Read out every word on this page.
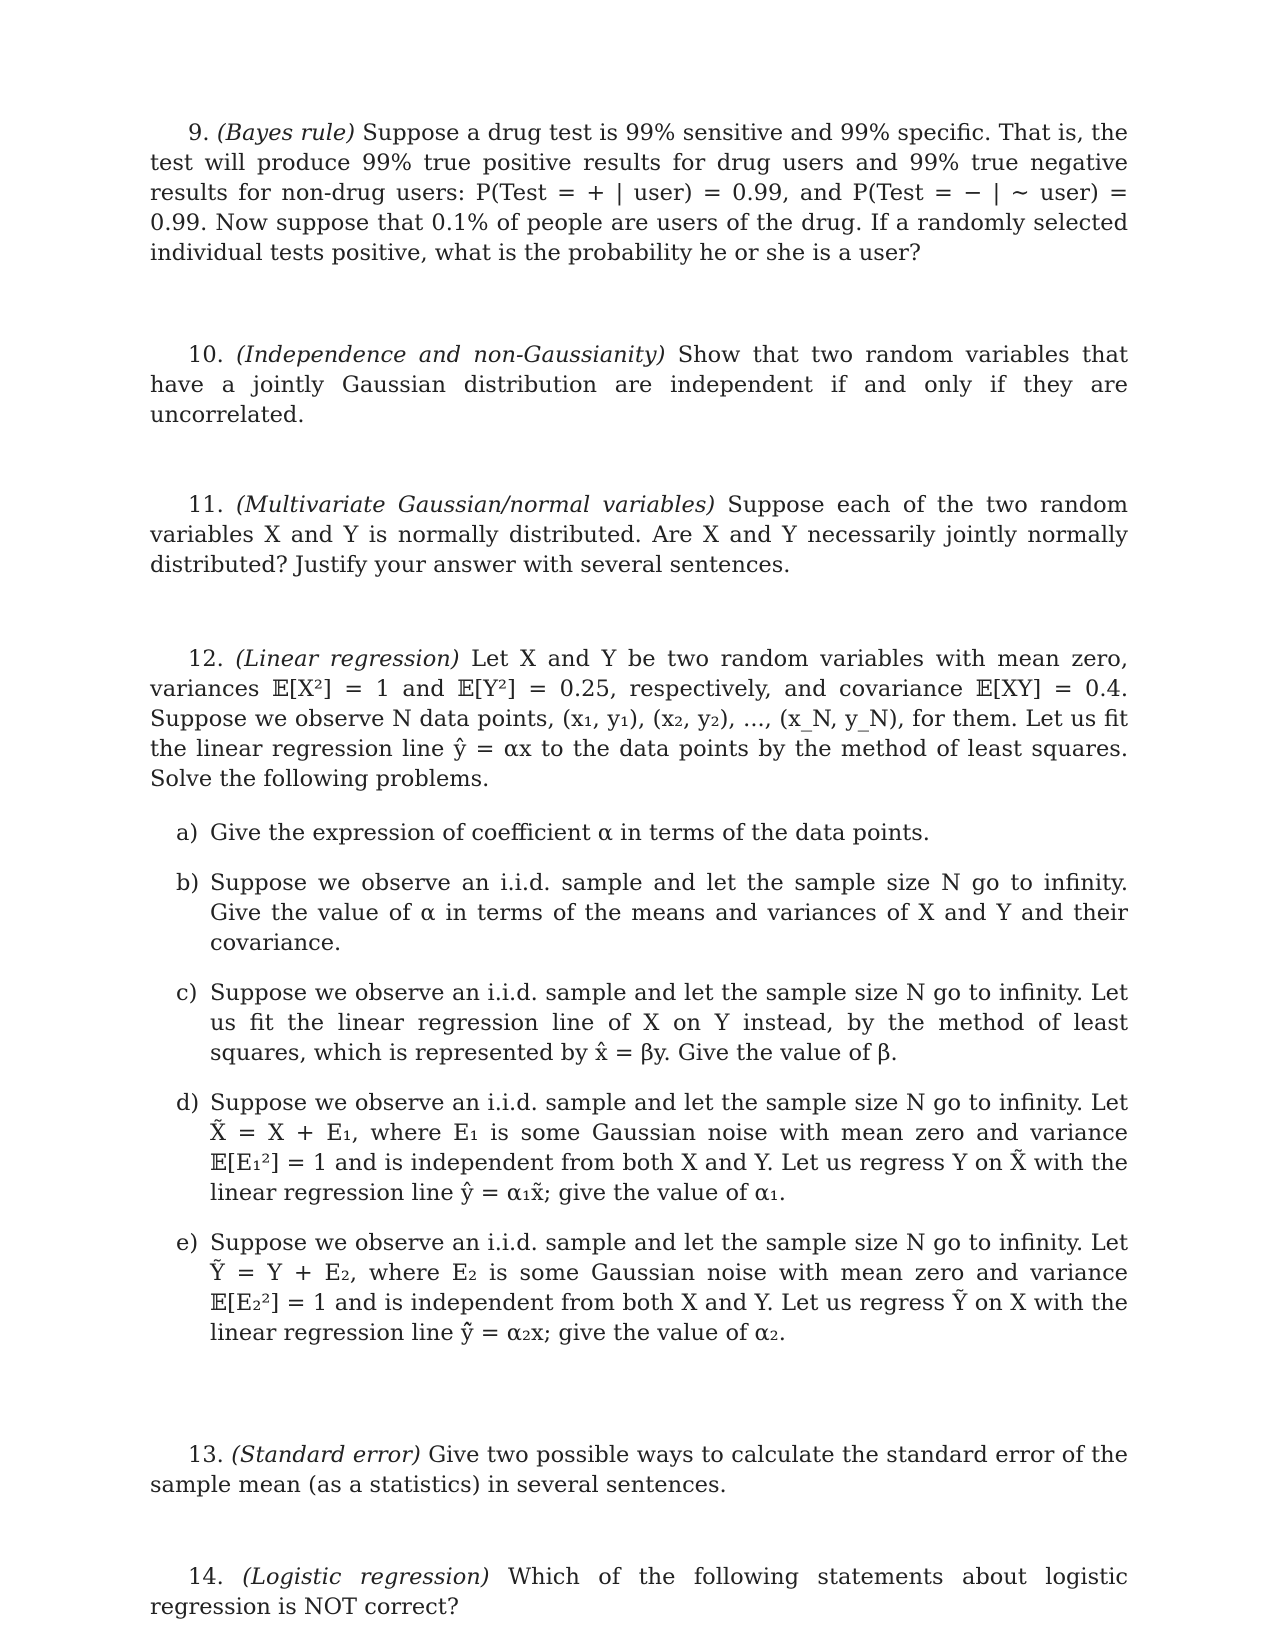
9. (Bayes rule) Suppose a drug test is 99% sensitive and 99% specific. That is, the test will produce 99% true positive results for drug users and 99% true negative results for non-drug users: P(Test = + | user) = 0.99, and P(Test = − | ∼ user) = 0.99. Now suppose that 0.1% of people are users of the drug. If a randomly selected individual tests positive, what is the probability he or she is a user?

10. (Independence and non-Gaussianity) Show that two random variables that have a jointly Gaussian distribution are independent if and only if they are uncorrelated.

11. (Multivariate Gaussian/normal variables) Suppose each of the two random variables X and Y is normally distributed. Are X and Y necessarily jointly normally distributed? Justify your answer with several sentences.

12. (Linear regression) Let X and Y be two random variables with mean zero, variances 𝔼[X²] = 1 and 𝔼[Y²] = 0.25, respectively, and covariance 𝔼[XY] = 0.4. Suppose we observe N data points, (x₁, y₁), (x₂, y₂), ..., (x_N, y_N), for them. Let us fit the linear regression line ŷ = αx to the data points by the method of least squares. Solve the following problems.

a) Give the expression of coefficient α in terms of the data points.
b) Suppose we observe an i.i.d. sample and let the sample size N go to infinity. Give the value of α in terms of the means and variances of X and Y and their covariance.
c) Suppose we observe an i.i.d. sample and let the sample size N go to infinity. Let us fit the linear regression line of X on Y instead, by the method of least squares, which is represented by x̂ = βy. Give the value of β.
d) Suppose we observe an i.i.d. sample and let the sample size N go to infinity. Let X̃ = X + E₁, where E₁ is some Gaussian noise with mean zero and variance 𝔼[E₁²] = 1 and is independent from both X and Y. Let us regress Y on X̃ with the linear regression line ŷ = α₁x̃; give the value of α₁.
e) Suppose we observe an i.i.d. sample and let the sample size N go to infinity. Let Ỹ = Y + E₂, where E₂ is some Gaussian noise with mean zero and variance 𝔼[E₂²] = 1 and is independent from both X and Y. Let us regress Ỹ on X with the linear regression line ŷ̃ = α₂x; give the value of α₂.

13. (Standard error) Give two possible ways to calculate the standard error of the sample mean (as a statistics) in several sentences.

14. (Logistic regression) Which of the following statements about logistic regression is NOT correct?
